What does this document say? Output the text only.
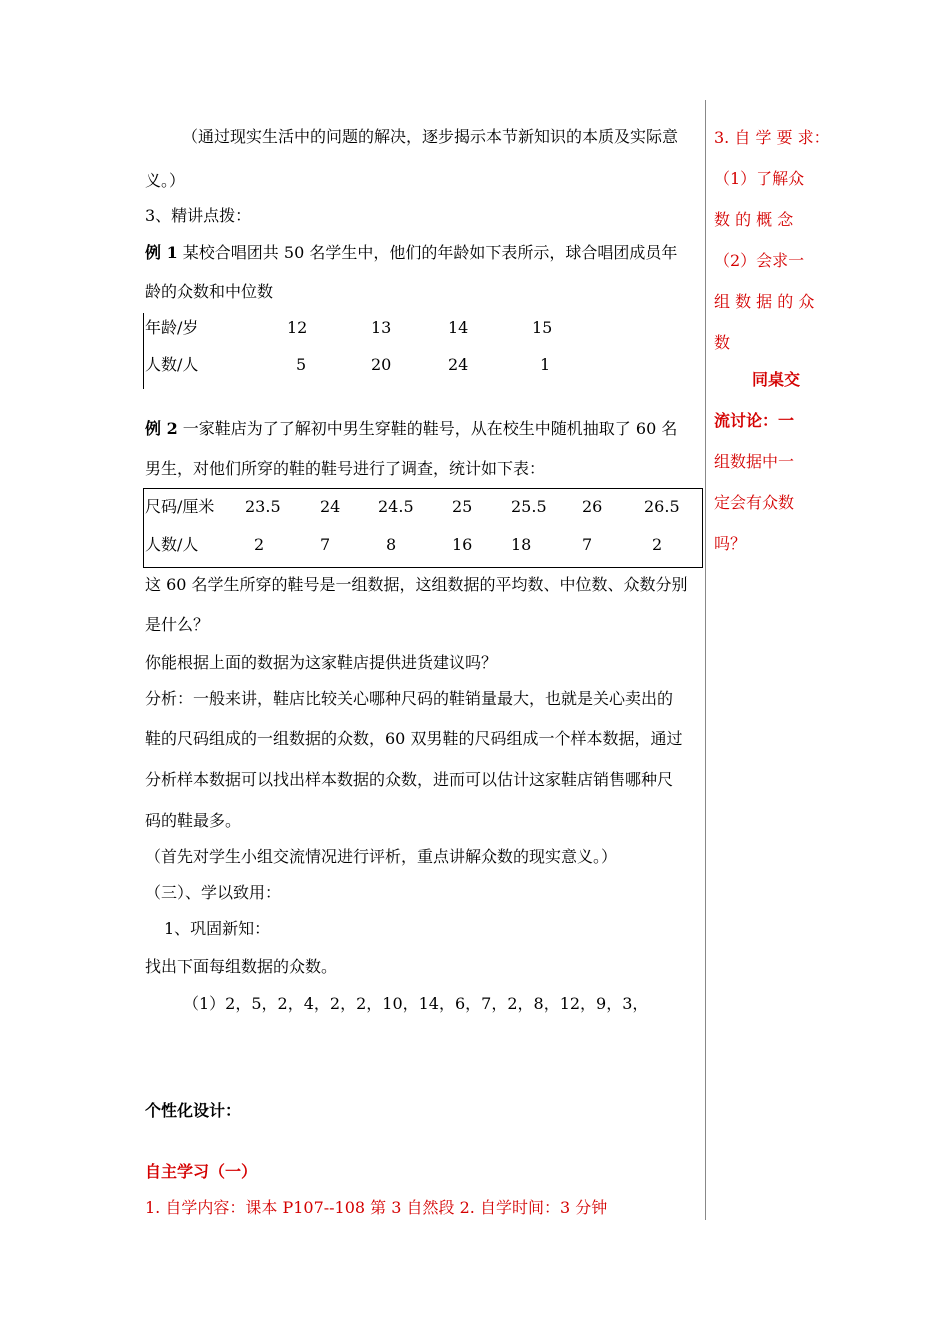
（通过现实生活中的问题的解决，逐步揭示本节新知识的本质及实际意
义。）
3、精讲点拨：
例 1 某校合唱团共 50 名学生中，他们的年龄如下表所示，球合唱团成员年
龄的众数和中位数
年龄/岁	12	13	14	15
人数/人	5	20	24	1
例 2 一家鞋店为了了解初中男生穿鞋的鞋号，从在校生中随机抽取了 60 名
男生，对他们所穿的鞋的鞋号进行了调查，统计如下表：
尺码/厘米 23.5 24 24.5 25 25.5 26	26.5
人数/人	2	7	8	16 18	7	2
这 60 名学生所穿的鞋号是一组数据，这组数据的平均数、中位数、众数分别
是什么？
你能根据上面的数据为这家鞋店提供进货建议吗？
分析：一般来讲，鞋店比较关心哪种尺码的鞋销量最大，也就是关心卖出的
鞋的尺码组成的一组数据的众数，60 双男鞋的尺码组成一个样本数据，通过
分析样本数据可以找出样本数据的众数，进而可以估计这家鞋店销售哪种尺
码的鞋最多。
（首先对学生小组交流情况进行评析，重点讲解众数的现实意义。）
（三）、学以致用：
1、巩固新知：
找出下面每组数据的众数。
（1）2，5，2，4，2，2，10，14，6，7，2，8，12，9，3，
个性化设计：
自主学习（一）
1. 自学内容：课本 P107--108 第 3 自然段 2. 自学时间：3 分钟
3. 自 学 要 求：
（1）了解众
数 的 概 念
（2）会求一
组 数 据 的 众
数
同桌交
流讨论：一
组数据中一
定会有众数
吗？
